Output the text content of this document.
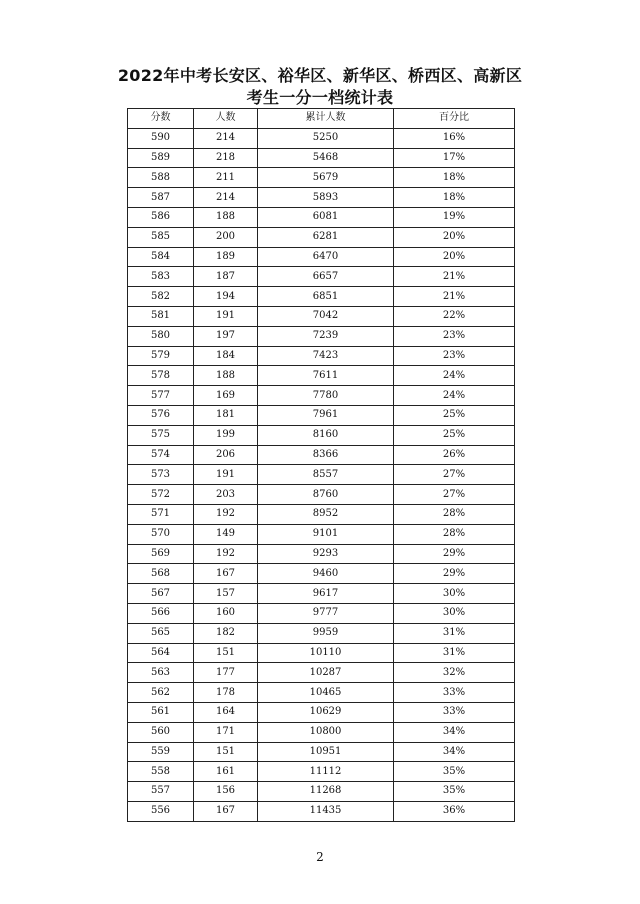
2022年中考长安区、裕华区、新华区、桥西区、高新区
考生一分一档统计表
分数	人数	累计人数	百分比
590	214	5250	16%
589	218	5468	17%
588	211	5679	18%
587	214	5893	18%
586	188	6081	19%
585	200	6281	20%
584	189	6470	20%
583	187	6657	21%
582	194	6851	21%
581	191	7042	22%
580	197	7239	23%
579	184	7423	23%
578	188	7611	24%
577	169	7780	24%
576	181	7961	25%
575	199	8160	25%
574	206	8366	26%
573	191	8557	27%
572	203	8760	27%
571	192	8952	28%
570	149	9101	28%
569	192	9293	29%
568	167	9460	29%
567	157	9617	30%
566	160	9777	30%
565	182	9959	31%
564	151	10110	31%
563	177	10287	32%
562	178	10465	33%
561	164	10629	33%
560	171	10800	34%
559	151	10951	34%
558	161	11112	35%
557	156	11268	35%
556	167	11435	36%
2
